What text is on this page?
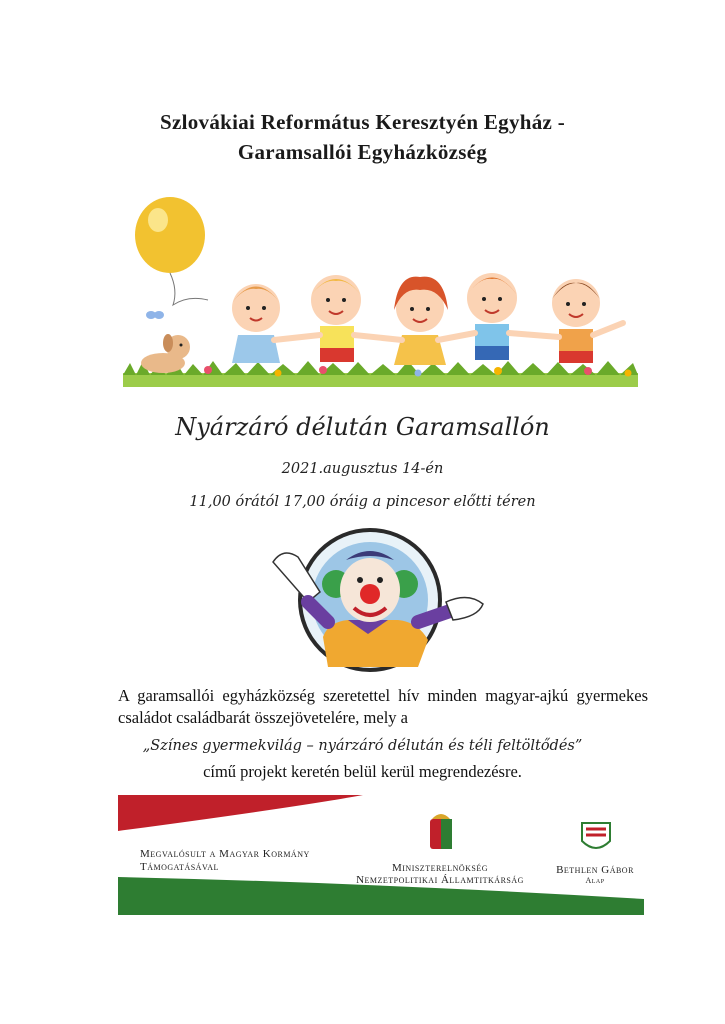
Szlovákiai Református Keresztyén Egyház -
Garamsallói Egyházközség
Nyárzáró délután Garamsallón
2021.augusztus 14-én
11,00 órától 17,00 óráig a pincesor előtti téren
A garamsallói egyházközség szeretettel hív minden magyar-ajkú gyermekes
családot családbarát összejövetelére, mely a
„Színes gyermekvilág – nyárzáró délután és téli feltöltődés”
című projekt keretén belül kerül megrendezésre.
Megvalósult a Magyar Kormány
Támogatásával	Miniszterelnökség
Nemzetpolitikai Államtitkárság
Bethlen Gábor
Alap
